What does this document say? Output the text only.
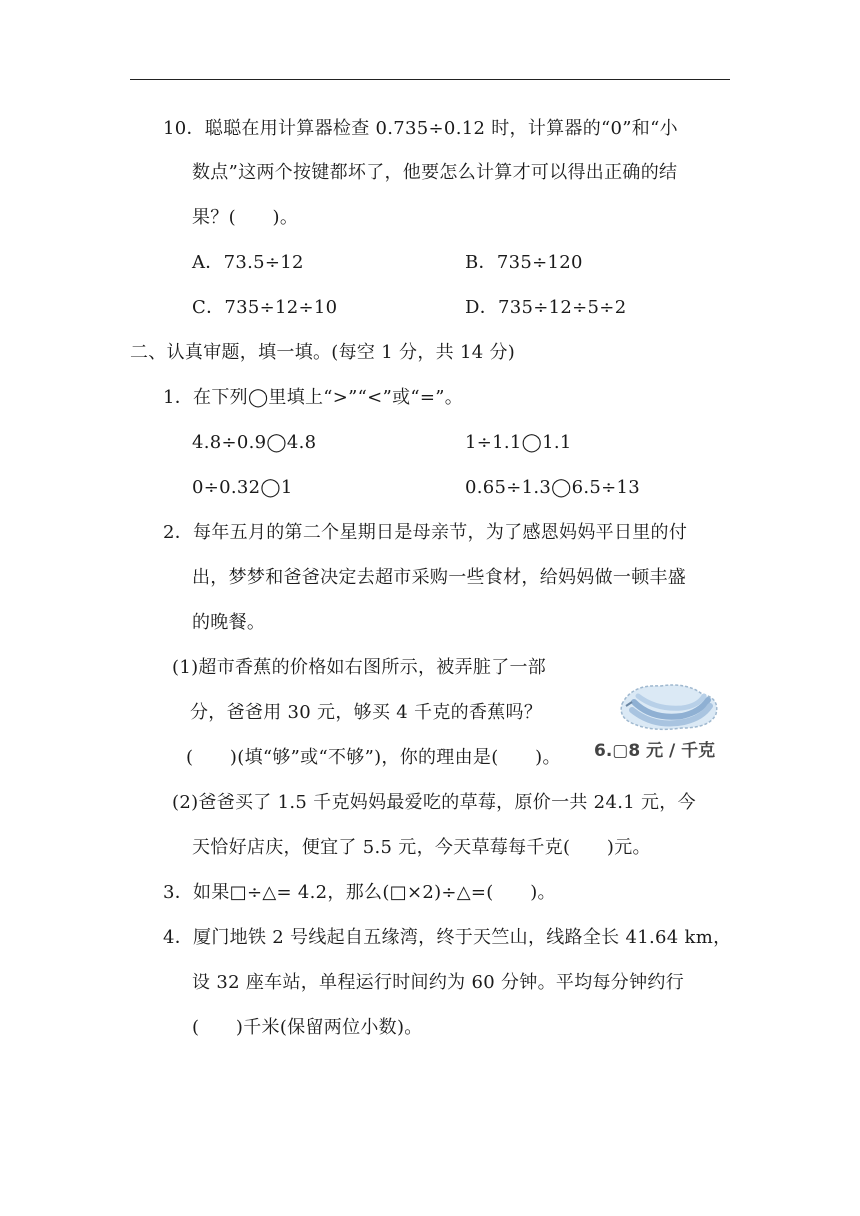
10．聪聪在用计算器检查 0.735÷0.12 时，计算器的“0”和“小
数点”这两个按键都坏了，他要怎么计算才可以得出正确的结
果？(　　)。
A．73.5÷12	B．735÷120
C．735÷12÷10	D．735÷12÷5÷2
二、认真审题，填一填。(每空 1 分，共 14 分)
1．在下列◯里填上“>”“<”或“=”。
4.8÷0.9◯4.8	1÷1.1◯1.1
0÷0.32◯1	0.65÷1.3◯6.5÷13
2．每年五月的第二个星期日是母亲节，为了感恩妈妈平日里的付
出，梦梦和爸爸决定去超市采购一些食材，给妈妈做一顿丰盛
的晚餐。
(1)超市香蕉的价格如右图所示，被弄脏了一部
分，爸爸用 30 元，够买 4 千克的香蕉吗？
(　　)(填“够”或“不够”)，你的理由是(　　)。 6.▢8 元 / 千克
(2)爸爸买了 1.5 千克妈妈最爱吃的草莓，原价一共 24.1 元，今
天恰好店庆，便宜了 5.5 元，今天草莓每千克(　　)元。
3．如果□÷△= 4.2，那么(□×2)÷△=(　　)。
4．厦门地铁 2 号线起自五缘湾，终于天竺山，线路全长 41.64 km，
设 32 座车站，单程运行时间约为 60 分钟。平均每分钟约行
(　　)千米(保留两位小数)。
